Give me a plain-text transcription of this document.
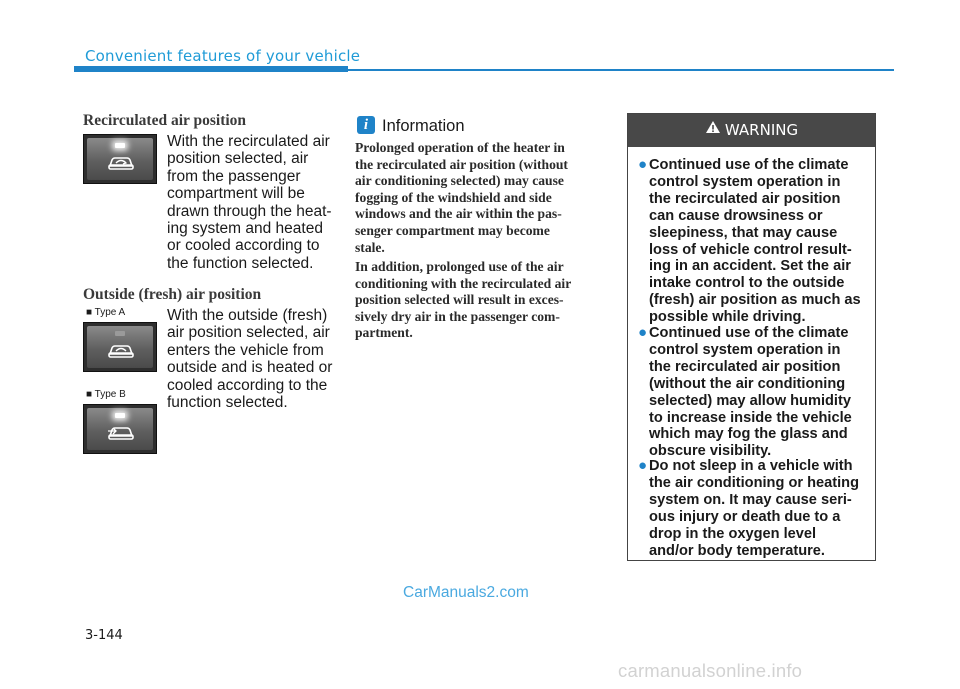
Convenient features of your vehicle
Recirculated air position
With the recirculated air
position selected, air
from the passenger
compartment will be
drawn through the heat-
ing system and heated
or cooled according to
the function selected.
Outside (fresh) air position
■ Type A
■ Type B
With the outside (fresh)
air position selected, air
enters the vehicle from
outside and is heated or
cooled according to the
function selected.
i Information
Prolonged operation of the heater in
the recirculated air position (without
air conditioning selected) may cause
fogging of the windshield and side
windows and the air within the pas-
senger compartment may become
stale.
In addition, prolonged use of the air
conditioning with the recirculated air
position selected will result in exces-
sively dry air in the passenger com-
partment.
WARNING
● Continued use of the climate
control system operation in
the recirculated air position
can cause drowsiness or
sleepiness, that may cause
loss of vehicle control result-
ing in an accident. Set the air
intake control to the outside
(fresh) air position as much as
possible while driving.
● Continued use of the climate
control system operation in
the recirculated air position
(without the air conditioning
selected) may allow humidity
to increase inside the vehicle
which may fog the glass and
obscure visibility.
● Do not sleep in a vehicle with
the air conditioning or heating
system on. It may cause seri-
ous injury or death due to a
drop in the oxygen level
and/or body temperature.
CarManuals2.com
3-144
carmanualsonline.info
